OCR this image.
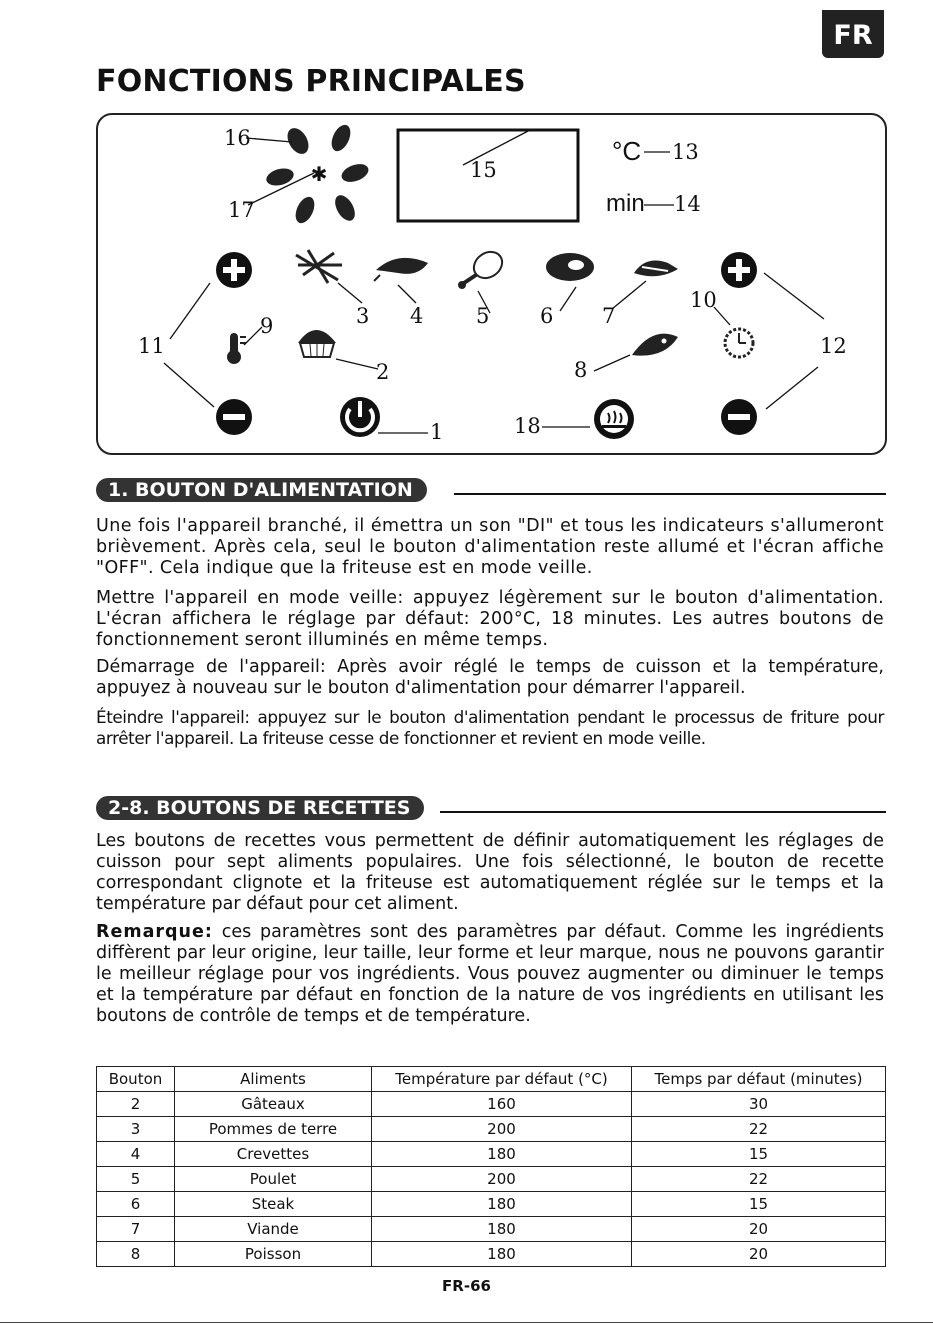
FR
FONCTIONS PRINCIPALES
✱
°C
min
16
17
15
13
14
11
9	3 4	5 6 7
10
12
2	8
1	18
1. BOUTON D'ALIMENTATION

Une fois l'appareil branché, il émettra un son "DI" et tous les indicateurs s'allumeront brièvement. Après cela, seul le bouton d'alimentation reste allumé et l'écran affiche "OFF". Cela indique que la friteuse est en mode veille.

Mettre l'appareil en mode veille: appuyez légèrement sur le bouton d'alimentation. L'écran affichera le réglage par défaut: 200°C, 18 minutes. Les autres boutons de fonctionnement seront illuminés en même temps.

Démarrage de l'appareil: Après avoir réglé le temps de cuisson et la température, appuyez à nouveau sur le bouton d'alimentation pour démarrer l'appareil.

Éteindre l'appareil: appuyez sur le bouton d'alimentation pendant le processus de friture pour arrêter l'appareil. La friteuse cesse de fonctionner et revient en mode veille.

2-8. BOUTONS DE RECETTES

Les boutons de recettes vous permettent de définir automatiquement les réglages de cuisson pour sept aliments populaires. Une fois sélectionné, le bouton de recette correspondant clignote et la friteuse est automatiquement réglée sur le temps et la température par défaut pour cet aliment.

Remarque: ces paramètres sont des paramètres par défaut. Comme les ingrédients diffèrent par leur origine, leur taille, leur forme et leur marque, nous ne pouvons garantir le meilleur réglage pour vos ingrédients. Vous pouvez augmenter ou diminuer le temps et la température par défaut en fonction de la nature de vos ingrédients en utilisant les boutons de contrôle de temps et de température.

Bouton	Aliments	Température par défaut (°C)	Temps par défaut (minutes)
2	Gâteaux	160	30
3	Pommes de terre	200	22
4	Crevettes	180	15
5	Poulet	200	22
6	Steak	180	15
7	Viande	180	20
8	Poisson	180	20
FR-66
